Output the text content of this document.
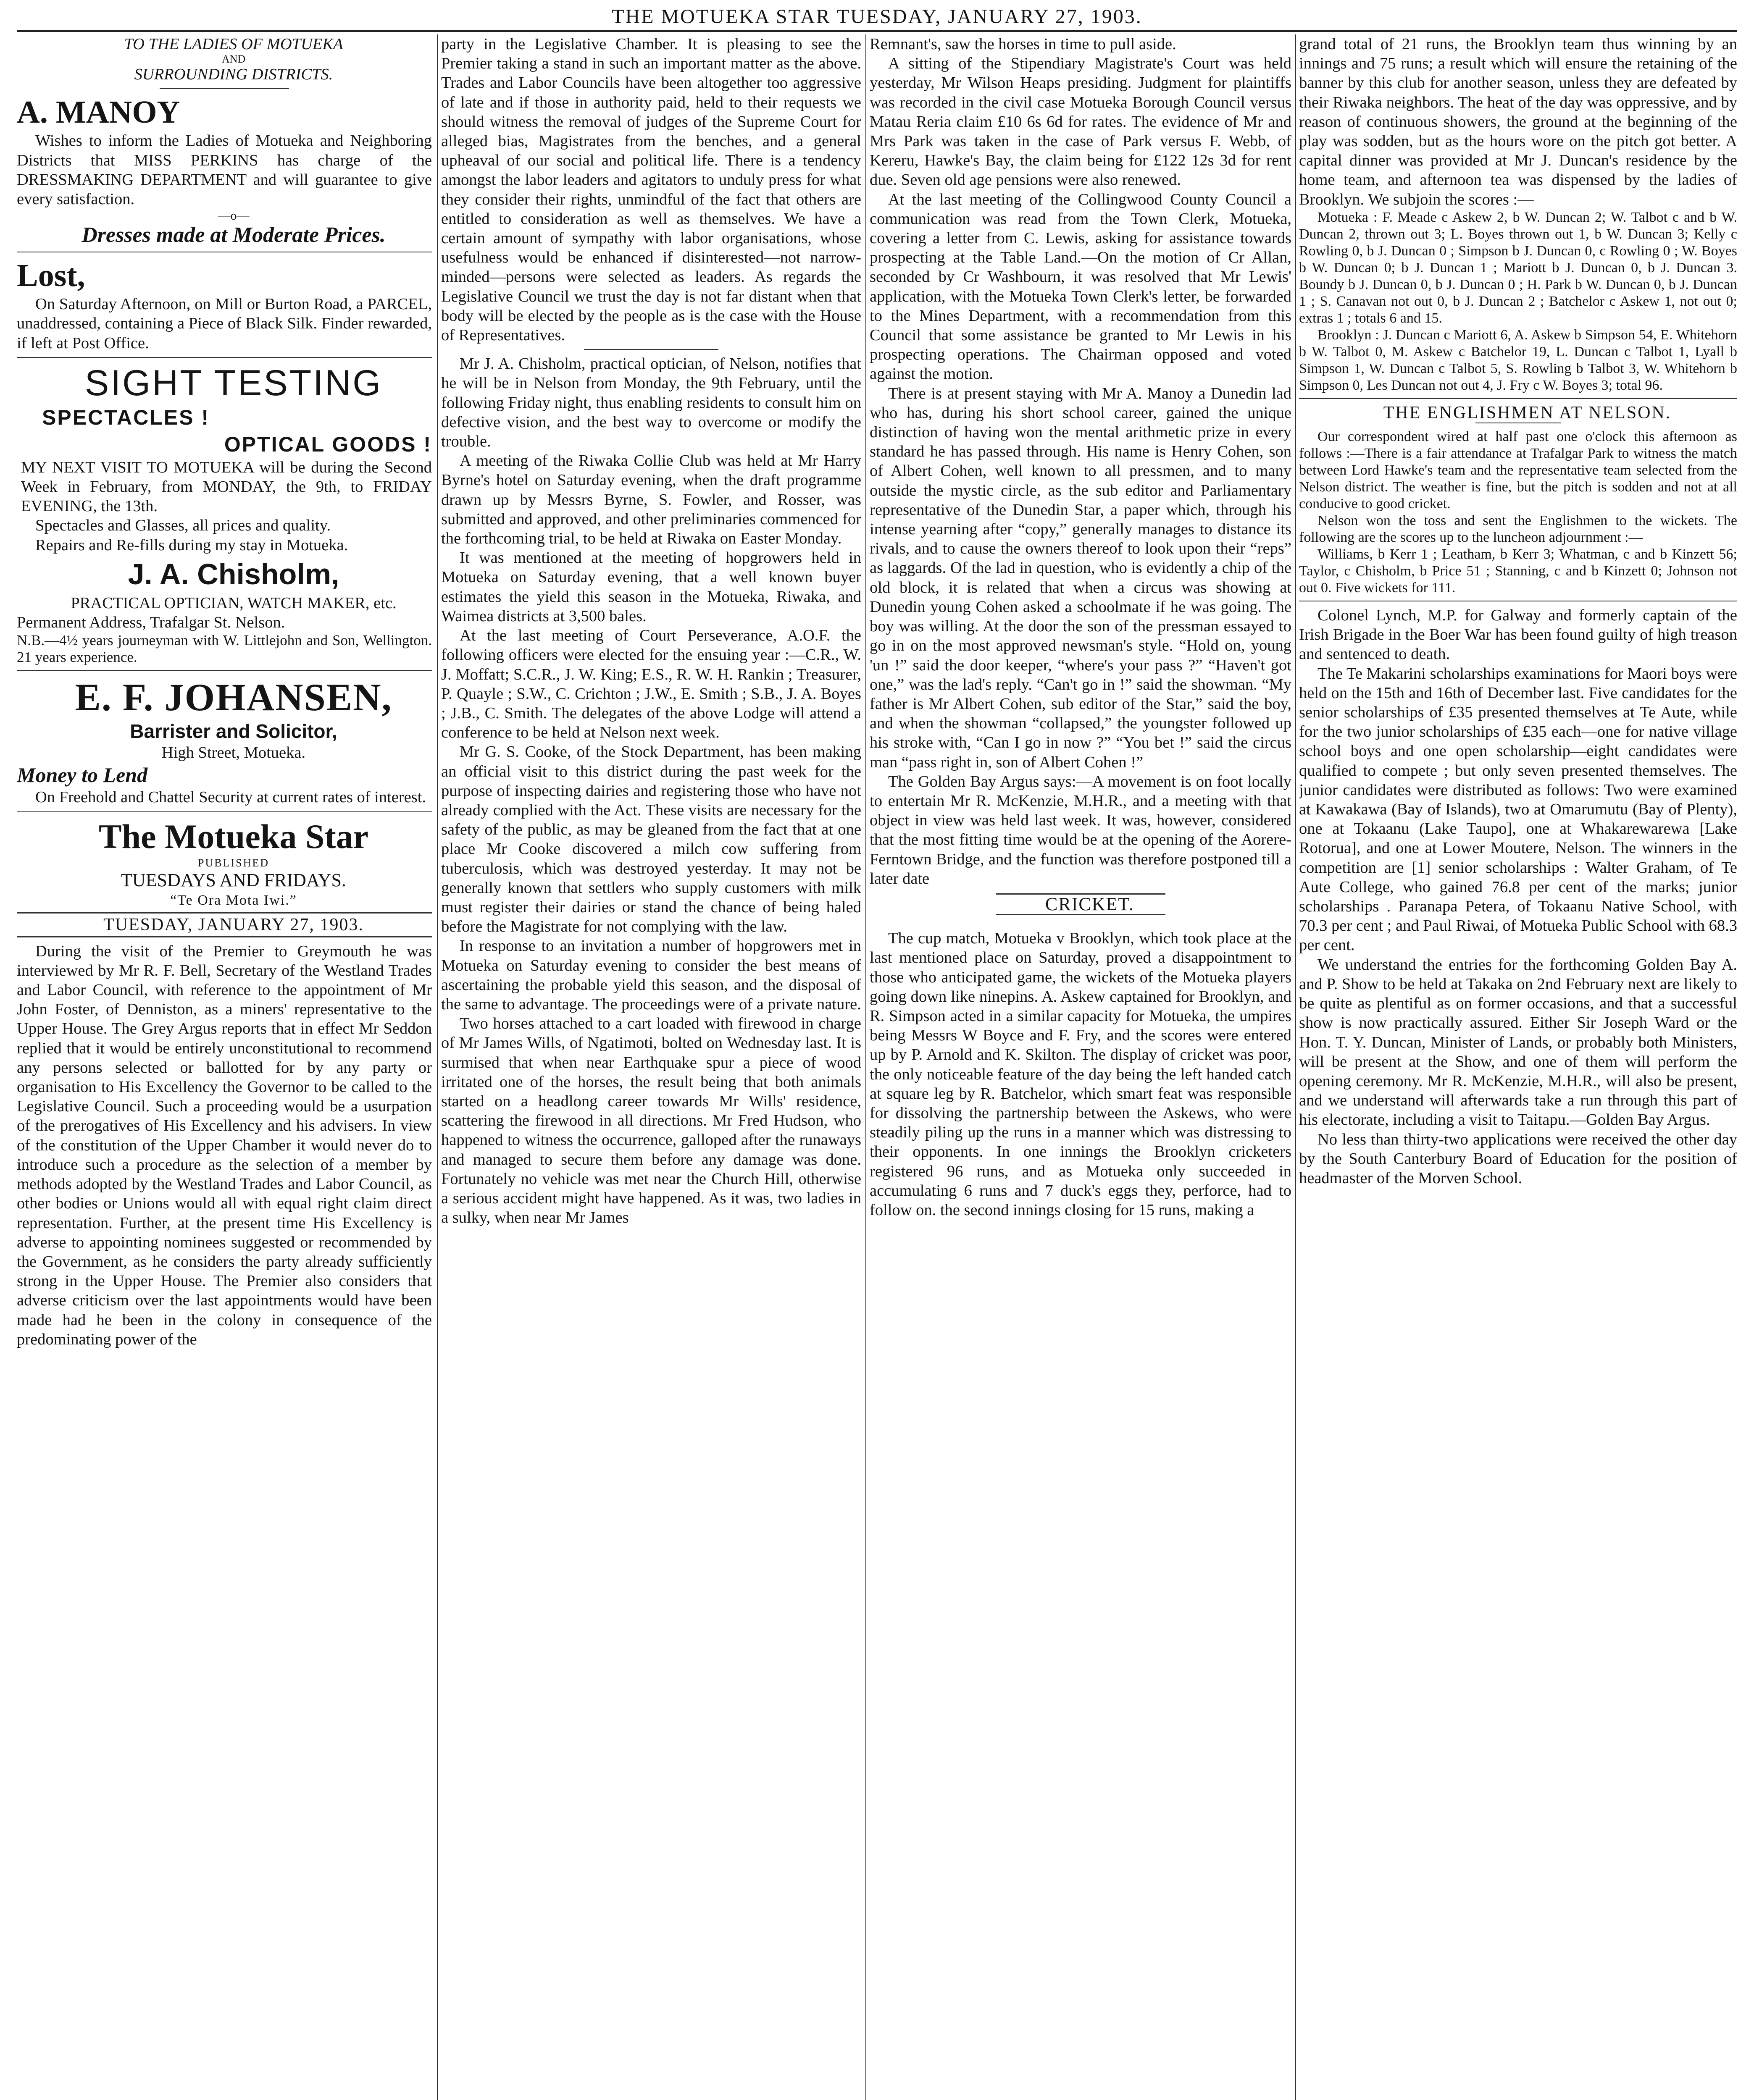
THE MOTUEKA STAR TUESDAY, JANUARY 27, 1903.

TO THE LADIES OF MOTUEKA

AND

SURROUNDING DISTRICTS.

A. MANOY

Wishes to inform the Ladies of Motueka and Neighboring Districts that MISS PERKINS has charge of the DRESSMAKING DEPARTMENT and will guarantee to give every satisfaction.

—o—

Dresses made at Moderate Prices.

Lost,

On Saturday Afternoon, on Mill or Burton Road, a PARCEL, unaddressed, containing a Piece of Black Silk. Finder rewarded, if left at Post Office.

SIGHT TESTING

SPECTACLES !

OPTICAL GOODS !

MY NEXT VISIT TO MOTUEKA will be during the Second Week in February, from MONDAY, the 9th, to FRIDAY EVENING, the 13th.

Spectacles and Glasses, all prices and quality.

Repairs and Re-fills during my stay in Motueka.

J. A. Chisholm,

PRACTICAL OPTICIAN, WATCH MAKER, etc.

Permanent Address, Trafalgar St. Nelson.

N.B.—4½ years journeyman with W. Littlejohn and Son, Wellington. 21 years experience.

E. F. JOHANSEN,

Barrister and Solicitor,

High Street, Motueka.

Money to Lend

On Freehold and Chattel Security at current rates of interest.

The Motueka Star

PUBLISHED

TUESDAYS AND FRIDAYS.

“Te Ora Mota Iwi.”

TUESDAY, JANUARY 27, 1903.

During the visit of the Premier to Greymouth he was interviewed by Mr R. F. Bell, Secretary of the Westland Trades and Labor Council, with reference to the appointment of Mr John Foster, of Denniston, as a miners' representative to the Upper House. The Grey Argus reports that in effect Mr Seddon replied that it would be entirely unconstitutional to recommend any persons selected or ballotted for by any party or organisation to His Excellency the Governor to be called to the Legislative Council. Such a proceeding would be a usurpation of the prerogatives of His Excellency and his advisers. In view of the constitution of the Upper Chamber it would never do to introduce such a procedure as the selection of a member by methods adopted by the Westland Trades and Labor Council, as other bodies or Unions would all with equal right claim direct representation. Further, at the present time His Excellency is adverse to appointing nominees suggested or recommended by the Government, as he considers the party already sufficiently strong in the Upper House. The Premier also considers that adverse criticism over the last appointments would have been made had he been in the colony in consequence of the predominating power of the

party in the Legislative Chamber. It is pleasing to see the Premier taking a stand in such an important matter as the above. Trades and Labor Councils have been altogether too aggressive of late and if those in authority paid, held to their requests we should witness the removal of judges of the Supreme Court for alleged bias, Magistrates from the benches, and a general upheaval of our social and political life. There is a tendency amongst the labor leaders and agitators to unduly press for what they consider their rights, unmindful of the fact that others are entitled to consideration as well as themselves. We have a certain amount of sympathy with labor organisations, whose usefulness would be enhanced if disinterested—not narrow-minded—persons were selected as leaders. As regards the Legislative Council we trust the day is not far distant when that body will be elected by the people as is the case with the House of Representatives.

Mr J. A. Chisholm, practical optician, of Nelson, notifies that he will be in Nelson from Monday, the 9th February, until the following Friday night, thus enabling residents to consult him on defective vision, and the best way to overcome or modify the trouble.

A meeting of the Riwaka Collie Club was held at Mr Harry Byrne's hotel on Saturday evening, when the draft programme drawn up by Messrs Byrne, S. Fowler, and Rosser, was submitted and approved, and other preliminaries commenced for the forthcoming trial, to be held at Riwaka on Easter Monday.

It was mentioned at the meeting of hopgrowers held in Motueka on Saturday evening, that a well known buyer estimates the yield this season in the Motueka, Riwaka, and Waimea districts at 3,500 bales.

At the last meeting of Court Perseverance, A.O.F. the following officers were elected for the ensuing year :—C.R., W. J. Moffatt; S.C.R., J. W. King; E.S., R. W. H. Rankin ; Treasurer, P. Quayle ; S.W., C. Crichton ; J.W., E. Smith ; S.B., J. A. Boyes ; J.B., C. Smith. The delegates of the above Lodge will attend a conference to be held at Nelson next week.

Mr G. S. Cooke, of the Stock Department, has been making an official visit to this district during the past week for the purpose of inspecting dairies and registering those who have not already complied with the Act. These visits are necessary for the safety of the public, as may be gleaned from the fact that at one place Mr Cooke discovered a milch cow suffering from tuberculosis, which was destroyed yesterday. It may not be generally known that settlers who supply customers with milk must register their dairies or stand the chance of being haled before the Magistrate for not complying with the law.

In response to an invitation a number of hopgrowers met in Motueka on Saturday evening to consider the best means of ascertaining the probable yield this season, and the disposal of the same to advantage. The proceedings were of a private nature.

Two horses attached to a cart loaded with firewood in charge of Mr James Wills, of Ngatimoti, bolted on Wednesday last. It is surmised that when near Earthquake spur a piece of wood irritated one of the horses, the result being that both animals started on a headlong career towards Mr Wills' residence, scattering the firewood in all directions. Mr Fred Hudson, who happened to witness the occurrence, galloped after the runaways and managed to secure them before any damage was done. Fortunately no vehicle was met near the Church Hill, otherwise a serious accident might have happened. As it was, two ladies in a sulky, when near Mr James

Remnant's, saw the horses in time to pull aside.

A sitting of the Stipendiary Magistrate's Court was held yesterday, Mr Wilson Heaps presiding. Judgment for plaintiffs was recorded in the civil case Motueka Borough Council versus Matau Reria claim £10 6s 6d for rates. The evidence of Mr and Mrs Park was taken in the case of Park versus F. Webb, of Kereru, Hawke's Bay, the claim being for £122 12s 3d for rent due. Seven old age pensions were also renewed.

At the last meeting of the Collingwood County Council a communication was read from the Town Clerk, Motueka, covering a letter from C. Lewis, asking for assistance towards prospecting at the Table Land.—On the motion of Cr Allan, seconded by Cr Washbourn, it was resolved that Mr Lewis' application, with the Motueka Town Clerk's letter, be forwarded to the Mines Department, with a recommendation from this Council that some assistance be granted to Mr Lewis in his prospecting operations. The Chairman opposed and voted against the motion.

There is at present staying with Mr A. Manoy a Dunedin lad who has, during his short school career, gained the unique distinction of having won the mental arithmetic prize in every standard he has passed through. His name is Henry Cohen, son of Albert Cohen, well known to all pressmen, and to many outside the mystic circle, as the sub editor and Parliamentary representative of the Dunedin Star, a paper which, through his intense yearning after “copy,” generally manages to distance its rivals, and to cause the owners thereof to look upon their “reps” as laggards. Of the lad in question, who is evidently a chip of the old block, it is related that when a circus was showing at Dunedin young Cohen asked a schoolmate if he was going. The boy was willing. At the door the son of the pressman essayed to go in on the most approved newsman's style. “Hold on, young 'un !” said the door keeper, “where's your pass ?” “Haven't got one,” was the lad's reply. “Can't go in !” said the showman. “My father is Mr Albert Cohen, sub editor of the Star,” said the boy, and when the showman “collapsed,” the youngster followed up his stroke with, “Can I go in now ?” “You bet !” said the circus man “pass right in, son of Albert Cohen !”

The Golden Bay Argus says:—A movement is on foot locally to entertain Mr R. McKenzie, M.H.R., and a meeting with that object in view was held last week. It was, however, considered that the most fitting time would be at the opening of the Aorere-Ferntown Bridge, and the function was therefore postponed till a later date

CRICKET.

The cup match, Motueka v Brooklyn, which took place at the last mentioned place on Saturday, proved a disappointment to those who anticipated game, the wickets of the Motueka players going down like ninepins. A. Askew captained for Brooklyn, and R. Simpson acted in a similar capacity for Motueka, the umpires being Messrs W Boyce and F. Fry, and the scores were entered up by P. Arnold and K. Skilton. The display of cricket was poor, the only noticeable feature of the day being the left handed catch at square leg by R. Batchelor, which smart feat was responsible for dissolving the partnership between the Askews, who were steadily piling up the runs in a manner which was distressing to their opponents. In one innings the Brooklyn cricketers registered 96 runs, and as Motueka only succeeded in accumulating 6 runs and 7 duck's eggs they, perforce, had to follow on. the second innings closing for 15 runs, making a

grand total of 21 runs, the Brooklyn team thus winning by an innings and 75 runs; a result which will ensure the retaining of the banner by this club for another season, unless they are defeated by their Riwaka neighbors. The heat of the day was oppressive, and by reason of continuous showers, the ground at the beginning of the play was sodden, but as the hours wore on the pitch got better. A capital dinner was provided at Mr J. Duncan's residence by the home team, and afternoon tea was dispensed by the ladies of Brooklyn. We subjoin the scores :—

Motueka : F. Meade c Askew 2, b W. Duncan 2; W. Talbot c and b W. Duncan 2, thrown out 3; L. Boyes thrown out 1, b W. Duncan 3; Kelly c Rowling 0, b J. Duncan 0 ; Simpson b J. Duncan 0, c Rowling 0 ; W. Boyes b W. Duncan 0; b J. Duncan 1 ; Mariott b J. Duncan 0, b J. Duncan 3. Boundy b J. Duncan 0, b J. Duncan 0 ; H. Park b W. Duncan 0, b J. Duncan 1 ; S. Canavan not out 0, b J. Duncan 2 ; Batchelor c Askew 1, not out 0; extras 1 ; totals 6 and 15.

Brooklyn : J. Duncan c Mariott 6, A. Askew b Simpson 54, E. Whitehorn b W. Talbot 0, M. Askew c Batchelor 19, L. Duncan c Talbot 1, Lyall b Simpson 1, W. Duncan c Talbot 5, S. Rowling b Talbot 3, W. Whitehorn b Simpson 0, Les Duncan not out 4, J. Fry c W. Boyes 3; total 96.

THE ENGLISHMEN AT NELSON.

Our correspondent wired at half past one o'clock this afternoon as follows :—There is a fair attendance at Trafalgar Park to witness the match between Lord Hawke's team and the representative team selected from the Nelson district. The weather is fine, but the pitch is sodden and not at all conducive to good cricket.

Nelson won the toss and sent the Englishmen to the wickets. The following are the scores up to the luncheon adjournment :—

Williams, b Kerr 1 ; Leatham, b Kerr 3; Whatman, c and b Kinzett 56; Taylor, c Chisholm, b Price 51 ; Stanning, c and b Kinzett 0; Johnson not out 0. Five wickets for 111.

Colonel Lynch, M.P. for Galway and formerly captain of the Irish Brigade in the Boer War has been found guilty of high treason and sentenced to death.

The Te Makarini scholarships examinations for Maori boys were held on the 15th and 16th of December last. Five candidates for the senior scholarships of £35 presented themselves at Te Aute, while for the two junior scholarships of £35 each—one for native village school boys and one open scholarship—eight candidates were qualified to compete ; but only seven presented themselves. The junior candidates were distributed as follows: Two were examined at Kawakawa (Bay of Islands), two at Omarumutu (Bay of Plenty), one at Tokaanu (Lake Taupo], one at Whakarewarewa [Lake Rotorua], and one at Lower Moutere, Nelson. The winners in the competition are [1] senior scholarships : Walter Graham, of Te Aute College, who gained 76.8 per cent of the marks; junior scholarships . Paranapa Petera, of Tokaanu Native School, with 70.3 per cent ; and Paul Riwai, of Motueka Public School with 68.3 per cent.

We understand the entries for the forthcoming Golden Bay A. and P. Show to be held at Takaka on 2nd February next are likely to be quite as plentiful as on former occasions, and that a successful show is now practically assured. Either Sir Joseph Ward or the Hon. T. Y. Duncan, Minister of Lands, or probably both Ministers, will be present at the Show, and one of them will perform the opening ceremony. Mr R. McKenzie, M.H.R., will also be present, and we understand will afterwards take a run through this part of his electorate, including a visit to Taitapu.—Golden Bay Argus.

No less than thirty-two applications were received the other day by the South Canterbury Board of Education for the position of headmaster of the Morven School.
